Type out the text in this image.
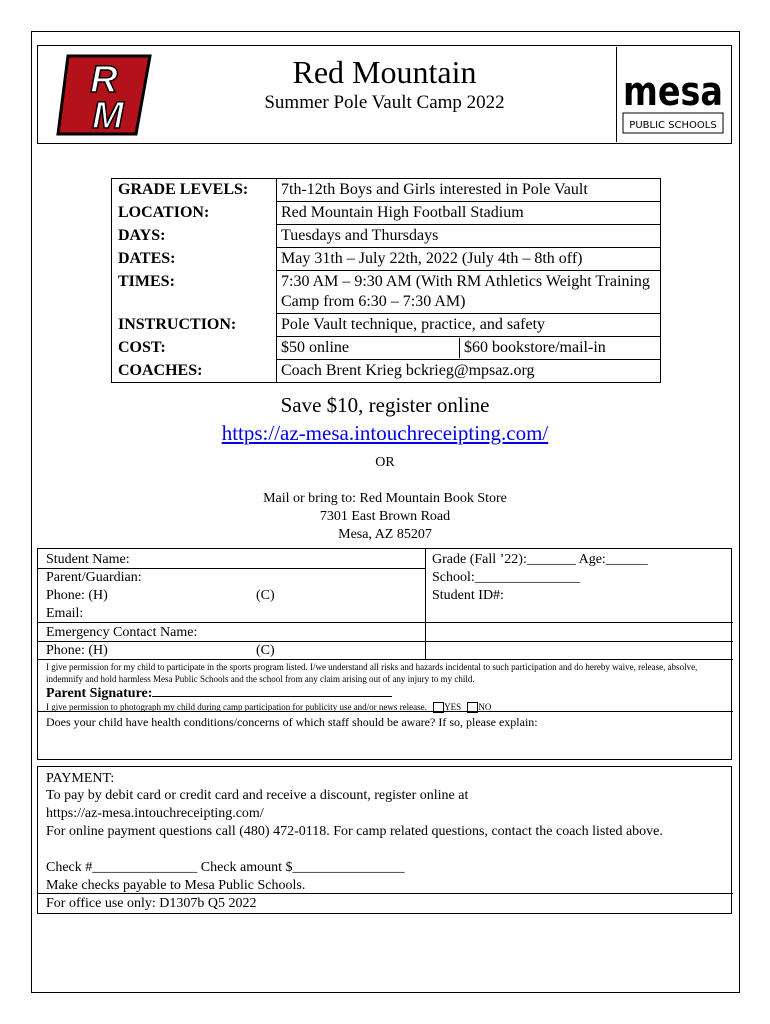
R
M
Red Mountain
Summer Pole Vault Camp 2022	mesa
PUBLIC SCHOOLS
GRADE LEVELS:	7th-12th Boys and Girls interested in Pole Vault
LOCATION:	Red Mountain High Football Stadium
DAYS:	Tuesdays and Thursdays
DATES:	May 31th – July 22th, 2022 (July 4th – 8th off)
TIMES:	7:30 AM – 9:30 AM (With RM Athletics Weight Training Camp from 6:30 – 7:30 AM)
INSTRUCTION:	Pole Vault technique, practice, and safety
COST:	$50 online $60 bookstore/mail-in

COACHES:	Coach Brent Krieg bckrieg@mpsaz.org
Save $10, register online
https://az-mesa.intouchreceipting.com/
OR
Mail or bring to: Red Mountain Book Store
7301 East Brown Road
Mesa, AZ 85207
Student Name:
Parent/Guardian:
Phone: (H)	(C)
Email:
Grade (Fall ’22):_______ Age:______
School:_______________
Student ID#:
Emergency Contact Name:
Phone: (H)	(C)
I give permission for my child to participate in the sports program listed. I/we understand all risks and hazards incidental to such participation and do hereby waive, release, absolve, indemnify and hold harmless Mesa Public Schools and the school from any claim arising out of any injury to my child.
Parent Signature:
I give permission to photograph my child during camp participation for publicity use and/or news release. YES NO
Does your child have health conditions/concerns of which staff should be aware? If so, please explain:
PAYMENT:
To pay by debit card or credit card and receive a discount, register online at
https://az-mesa.intouchreceipting.com/
For online payment questions call (480) 472-0118. For camp related questions, contact the coach listed above.
Check #_______________ Check amount $________________
Make checks payable to Mesa Public Schools.
For office use only: D1307b Q5 2022
